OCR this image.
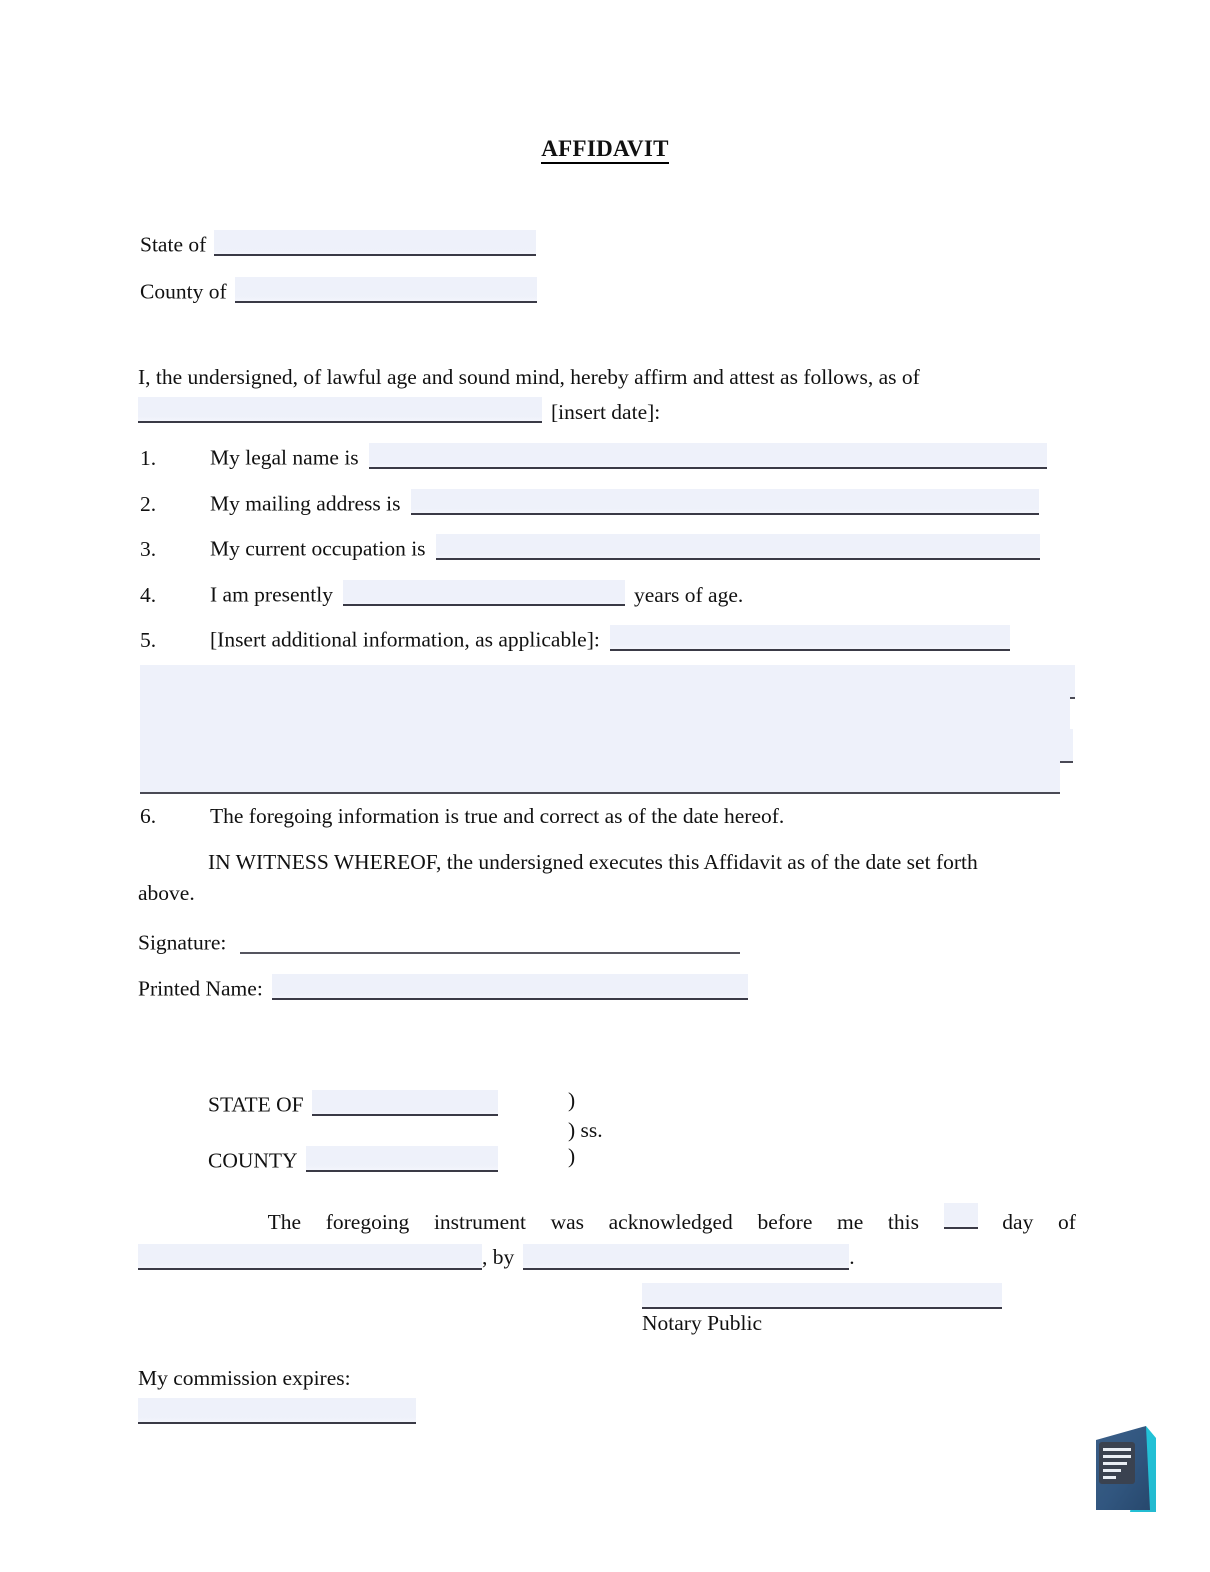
AFFIDAVIT
State of
County of
I, the undersigned, of lawful age and sound mind, hereby affirm and attest as follows, as of
[insert date]:
1.	My legal name is
2.	My mailing address is
3.	My current occupation is
4.	I am presently	years of age.
5.	[Insert additional information, as applicable]:
6.	The foregoing information is true and correct as of the date hereof.
IN WITNESS WHEREOF, the undersigned executes this Affidavit as of the date set forth
above.
Signature:
Printed Name:
STATE OF
COUNTY
)
) ss.
)
The foregoing instrument was acknowledged before me this	day of
, by	.
Notary Public
My commission expires:
